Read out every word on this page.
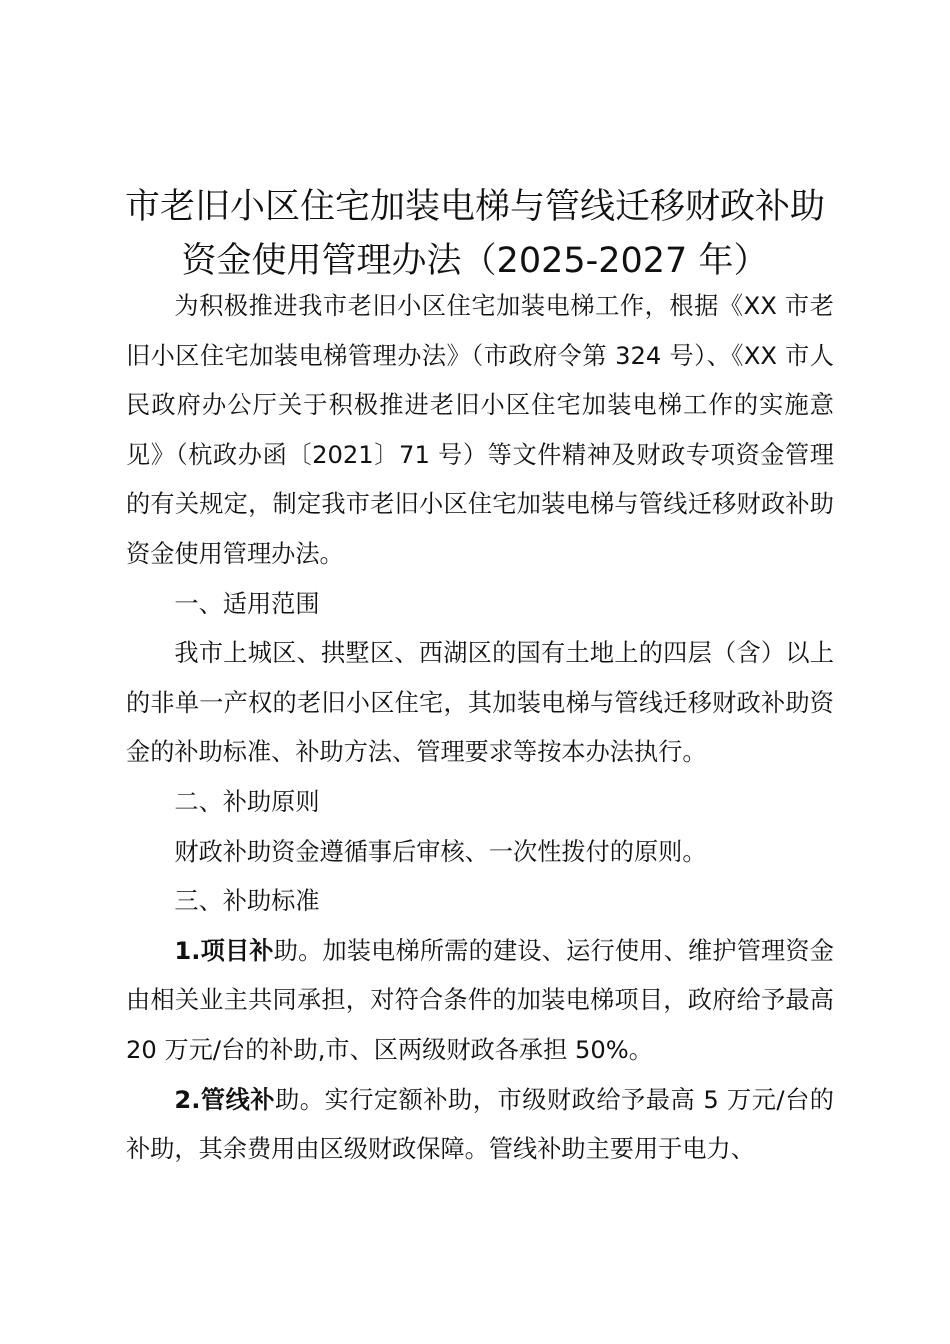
市老旧小区住宅加装电梯与管线迁移财政补助
资金使用管理办法（2025-2027 年）

为积极推进我市老旧小区住宅加装电梯工作，根据《XX 市老旧小区住宅加装电梯管理办法》（市政府令第 324 号）、《XX 市人民政府办公厅关于积极推进老旧小区住宅加装电梯工作的实施意见》（杭政办函〔2021〕71 号）等文件精神及财政专项资金管理的有关规定，制定我市老旧小区住宅加装电梯与管线迁移财政补助资金使用管理办法。

一、适用范围

我市上城区、拱墅区、西湖区的国有土地上的四层（含）以上的非单一产权的老旧小区住宅，其加装电梯与管线迁移财政补助资金的补助标准、补助方法、管理要求等按本办法执行。

二、补助原则

财政补助资金遵循事后审核、一次性拨付的原则。

三、补助标准

1.项目补助。加装电梯所需的建设、运行使用、维护管理资金由相关业主共同承担，对符合条件的加装电梯项目，政府给予最高 20 万元/台的补助,市、区两级财政各承担 50%。

2.管线补助。实行定额补助，市级财政给予最高 5 万元/台的补助，其余费用由区级财政保障。管线补助主要用于电力、
